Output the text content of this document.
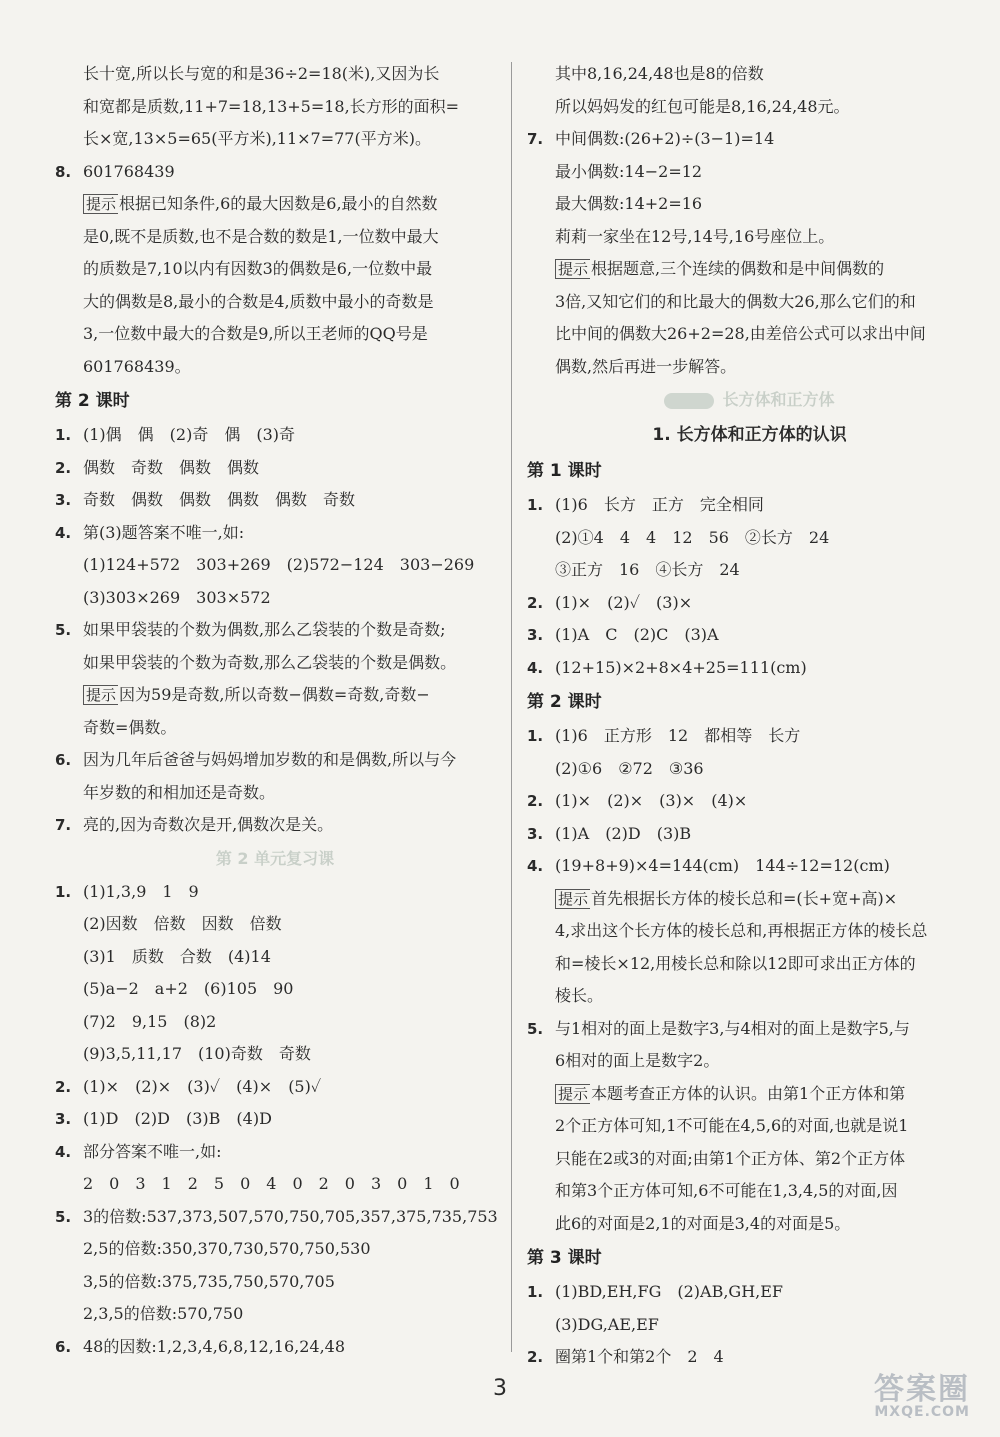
长十宽,所以长与宽的和是36÷2=18(米),又因为长
和宽都是质数,11+7=18,13+5=18,长方形的面积=
长×宽,13×5=65(平方米),11×7=77(平方米)。
8. 601768439
提示 根据已知条件,6的最大因数是6,最小的自然数
是0,既不是质数,也不是合数的数是1,一位数中最大
的质数是7,10以内有因数3的偶数是6,一位数中最
大的偶数是8,最小的合数是4,质数中最小的奇数是
3,一位数中最大的合数是9,所以王老师的QQ号是
601768439。
第 2 课时
1. (1)偶　偶　(2)奇　偶　(3)奇
2. 偶数　奇数　偶数　偶数
3. 奇数　偶数　偶数　偶数　偶数　奇数
4. 第(3)题答案不唯一,如:
(1)124+572　303+269　(2)572−124　303−269
(3)303×269　303×572
5. 如果甲袋装的个数为偶数,那么乙袋装的个数是奇数;
如果甲袋装的个数为奇数,那么乙袋装的个数是偶数。
提示 因为59是奇数,所以奇数−偶数=奇数,奇数−
奇数=偶数。
6. 因为几年后爸爸与妈妈增加岁数的和是偶数,所以与今
年岁数的和相加还是奇数。
7. 亮的,因为奇数次是开,偶数次是关。
第 2 单元复习课
1. (1)1,3,9　1　9
(2)因数　倍数　因数　倍数
(3)1　质数　合数　(4)14
(5)a−2　a+2　(6)105　90
(7)2　9,15　(8)2
(9)3,5,11,17　(10)奇数　奇数
2. (1)×　(2)×　(3)✓　(4)×　(5)✓
3. (1)D　(2)D　(3)B　(4)D
4. 部分答案不唯一,如:
2　0　3　1　2　5　0　4　0　2　0　3　0　1　0
5. 3的倍数:537,373,507,570,750,705,357,375,735,753
2,5的倍数:350,370,730,570,750,530
3,5的倍数:375,735,750,570,705
2,3,5的倍数:570,750
6. 48的因数:1,2,3,4,6,8,12,16,24,48
其中8,16,24,48也是8的倍数
所以妈妈发的红包可能是8,16,24,48元。
7. 中间偶数:(26+2)÷(3−1)=14
最小偶数:14−2=12
最大偶数:14+2=16
莉莉一家坐在12号,14号,16号座位上。
提示 根据题意,三个连续的偶数和是中间偶数的
3倍,又知它们的和比最大的偶数大26,那么它们的和
比中间的偶数大26+2=28,由差倍公式可以求出中间
偶数,然后再进一步解答。
长方体和正方体
1. 长方体和正方体的认识
第 1 课时
1. (1)6　长方　正方　完全相同
(2)①4　4　4　12　56　②长方　24
③正方　16　④长方　24
2. (1)×　(2)✓　(3)×
3. (1)A　C　(2)C　(3)A
4. (12+15)×2+8×4+25=111(cm)
第 2 课时
1. (1)6　正方形　12　都相等　长方
(2)①6　②72　③36
2. (1)×　(2)×　(3)×　(4)×
3. (1)A　(2)D　(3)B
4. (19+8+9)×4=144(cm)　144÷12=12(cm)
提示 首先根据长方体的棱长总和=(长+宽+高)×
4,求出这个长方体的棱长总和,再根据正方体的棱长总
和=棱长×12,用棱长总和除以12即可求出正方体的
棱长。
5. 与1相对的面上是数字3,与4相对的面上是数字5,与
6相对的面上是数字2。
提示 本题考查正方体的认识。由第1个正方体和第
2个正方体可知,1不可能在4,5,6的对面,也就是说1
只能在2或3的对面;由第1个正方体、第2个正方体
和第3个正方体可知,6不可能在1,3,4,5的对面,因
此6的对面是2,1的对面是3,4的对面是5。
第 3 课时
1. (1)BD,EH,FG　(2)AB,GH,EF
(3)DG,AE,EF
2. 圈第1个和第2个　2　4
3	答案圈
MXQE.COM
